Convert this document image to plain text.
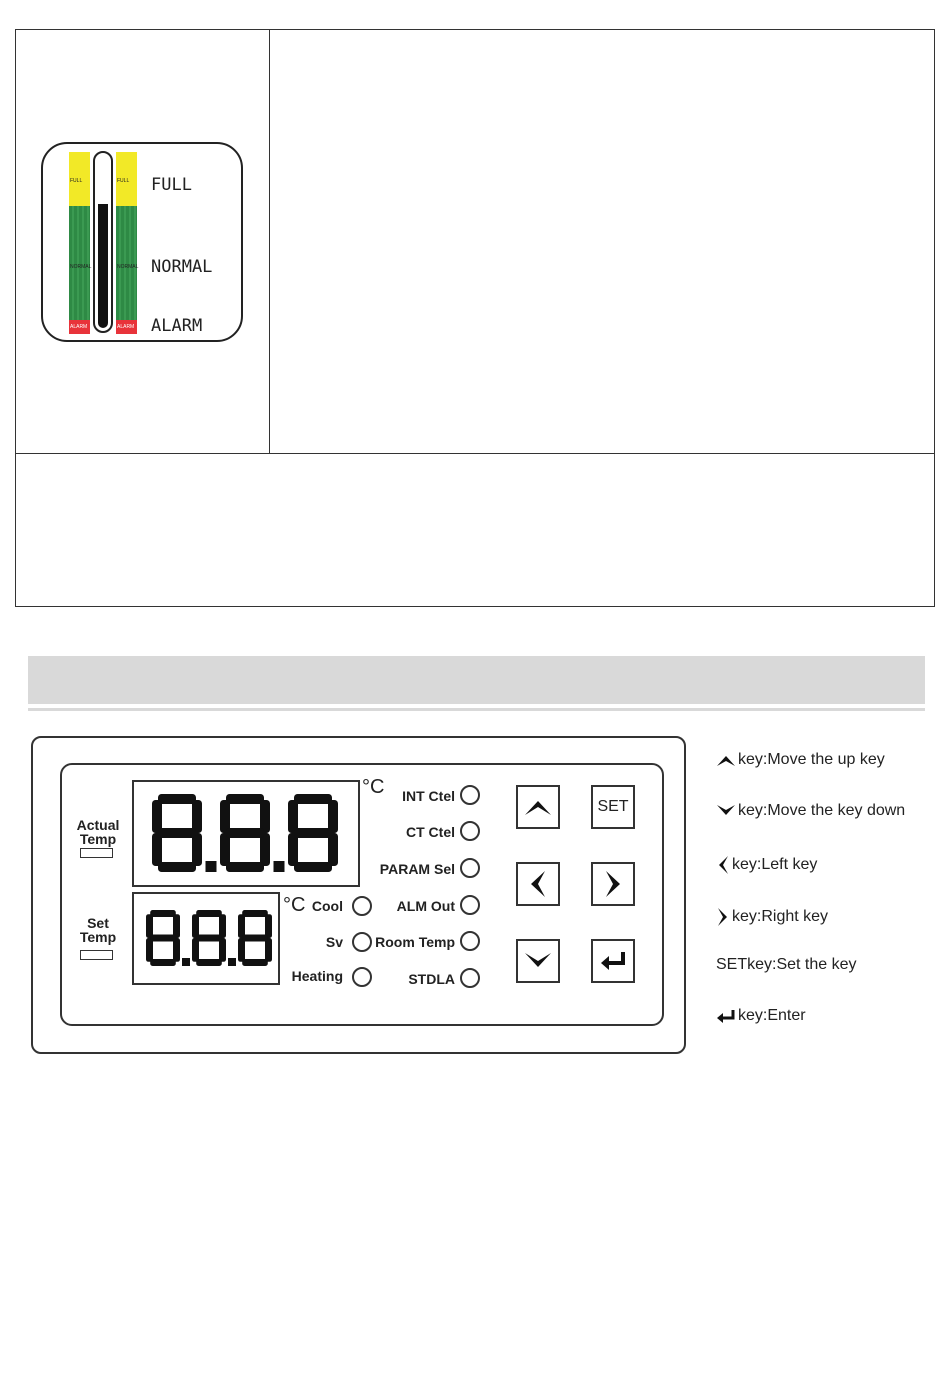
FULL
NORMAL
ALARM
FULL
NORMAL
ALARM
FULL
NORMAL
ALARM
Actual
Temp
Set
Temp
°C
°C Cool
Sv
Heating
INT Ctel
CT Ctel
PARAM Sel
ALM Out
Room Temp
STDLA
SET
key:Move the up key
key:Move the key down
key:Left key
key:Right key
SETkey:Set the key
key:Enter
